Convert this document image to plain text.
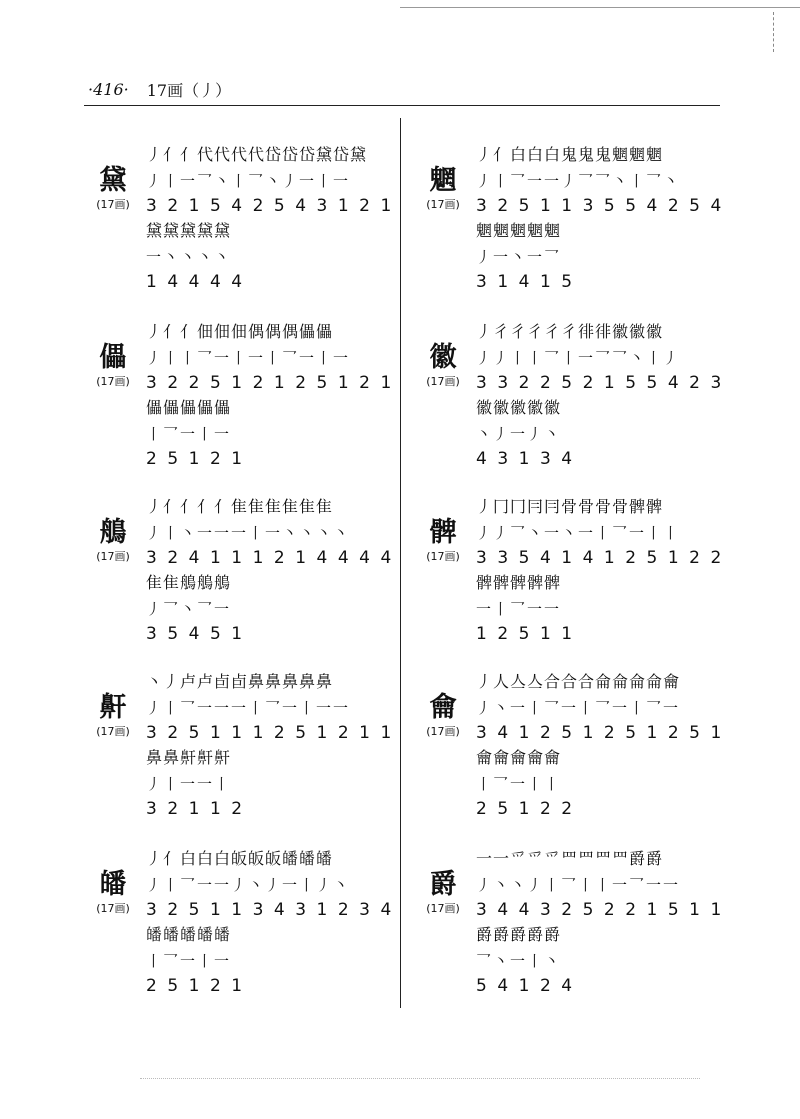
·416· 17画（丿）
黛
(17画)
丿亻亻代代代代岱岱岱黛岱黛
丿丨一乛丶丨乛丶丿一丨一
321542543121
黛黛黛黛黛
一丶丶丶丶
14444
儡
(17画)
丿亻亻佃佃佃偶偶偶儡儡
丿丨丨乛一丨一丨乛一丨一
322512125121
儡儡儡儡儡
丨乛一丨一
25121
鵃
(17画)
丿亻亻亻亻隹隹隹隹隹隹
丿丨丶一一一丨一丶丶丶丶
324111214444
隹隹鵃鵃鵃
丿乛丶乛一
35451
鼾
(17画)
丶丿卢卢卣卣鼻鼻鼻鼻鼻
丿丨乛一一一丨乛一丨一一
325111251211
鼻鼻鼾鼾鼾
丿丨一一丨
32112
皤
(17画)
丿亻白白白皈皈皈皤皤皤
丿丨乛一一丿丶丿一丨丿丶
325113431234
皤皤皤皤皤
丨乛一丨一
25121
魍
(17画)
丿亻白白白鬼鬼鬼魍魍魍
丿丨乛一一丿乛乛丶丨乛丶
325113554254
魍魍魍魍魍
丿一丶一乛
31415
徽
(17画)
丿彳彳彳彳彳徘徘徽徽徽
丿丿丨丨乛丨一乛乛丶丨丿
332252155423
徽徽徽徽徽
丶丿一丿丶
43134
髀
(17画)
丿冂冂冃冃骨骨骨骨髀髀
丿丿乛丶一丶一丨乛一丨丨
335414125122
髀髀髀髀髀
一丨乛一一
12511
龠
(17画)
丿人亼亼合合合侖侖侖侖龠
丿丶一丨乛一丨乛一丨乛一
341251251251
龠龠龠龠龠
丨乛一丨丨
25122
爵
(17画)
一一爫爫爫罒罒罒罒爵爵
丿丶丶丿丨乛丨丨一乛一一
344325221511
爵爵爵爵爵
乛丶一丨丶
54124
